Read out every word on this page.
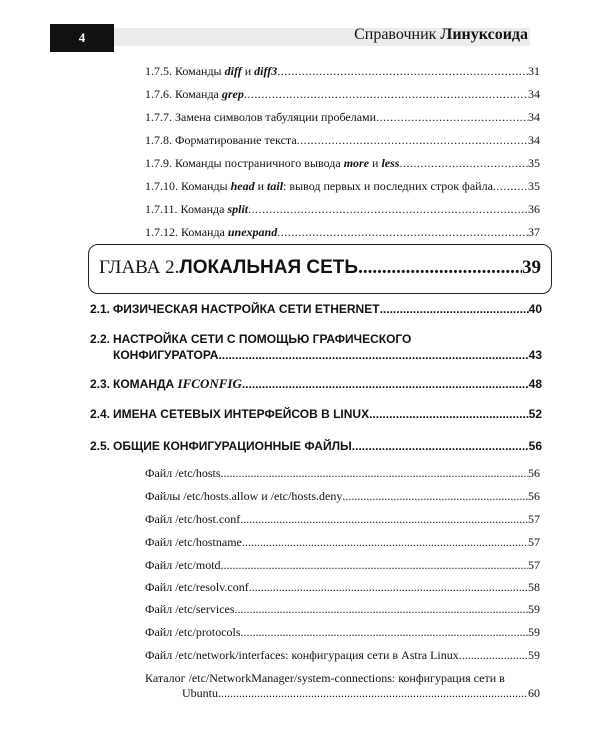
4	Справочник Линуксоида
1.7.5. Команды diff и diff3 .....	31
1.7.6. Команда grep .....	34
1.7.7. Замена символов табуляции пробелами .....	34
1.7.8. Форматирование текста .....	34
1.7.9. Команды постраничного вывода more и less .....	35
1.7.10. Команды head и tail: вывод первых и последних строк файла .....	35
1.7.11. Команда split .....	36
1.7.12. Команда unexpand .....	37
ГЛАВА 2. ЛОКАЛЬНАЯ СЕТЬ .....	39
2.1. ФИЗИЧЕСКАЯ НАСТРОЙКА СЕТИ ETHERNET .....	40
2.2. НАСТРОЙКА СЕТИ С ПОМОЩЬЮ ГРАФИЧЕСКОГО
КОНФИГУРАТОРА .....	43
2.3. КОМАНДА IFCONFIG .....	48
2.4. ИМЕНА СЕТЕВЫХ ИНТЕРФЕЙСОВ В LINUX .....	52
2.5. ОБЩИЕ КОНФИГУРАЦИОННЫЕ ФАЙЛЫ .....	56
Файл /etc/hosts .....	56
Файлы /etc/hosts.allow и /etc/hosts.deny .....	56
Файл /etc/host.conf .....	57
Файл /etc/hostname .....	57
Файл /etc/motd .....	57
Файл /etc/resolv.conf .....	58
Файл /etc/services .....	59
Файл /etc/protocols .....	59
Файл /etc/network/interfaces: конфигурация сети в Astra Linux .....	59
Каталог /etc/NetworkManager/system-connections: конфигурация сети в
Ubuntu .....	60
